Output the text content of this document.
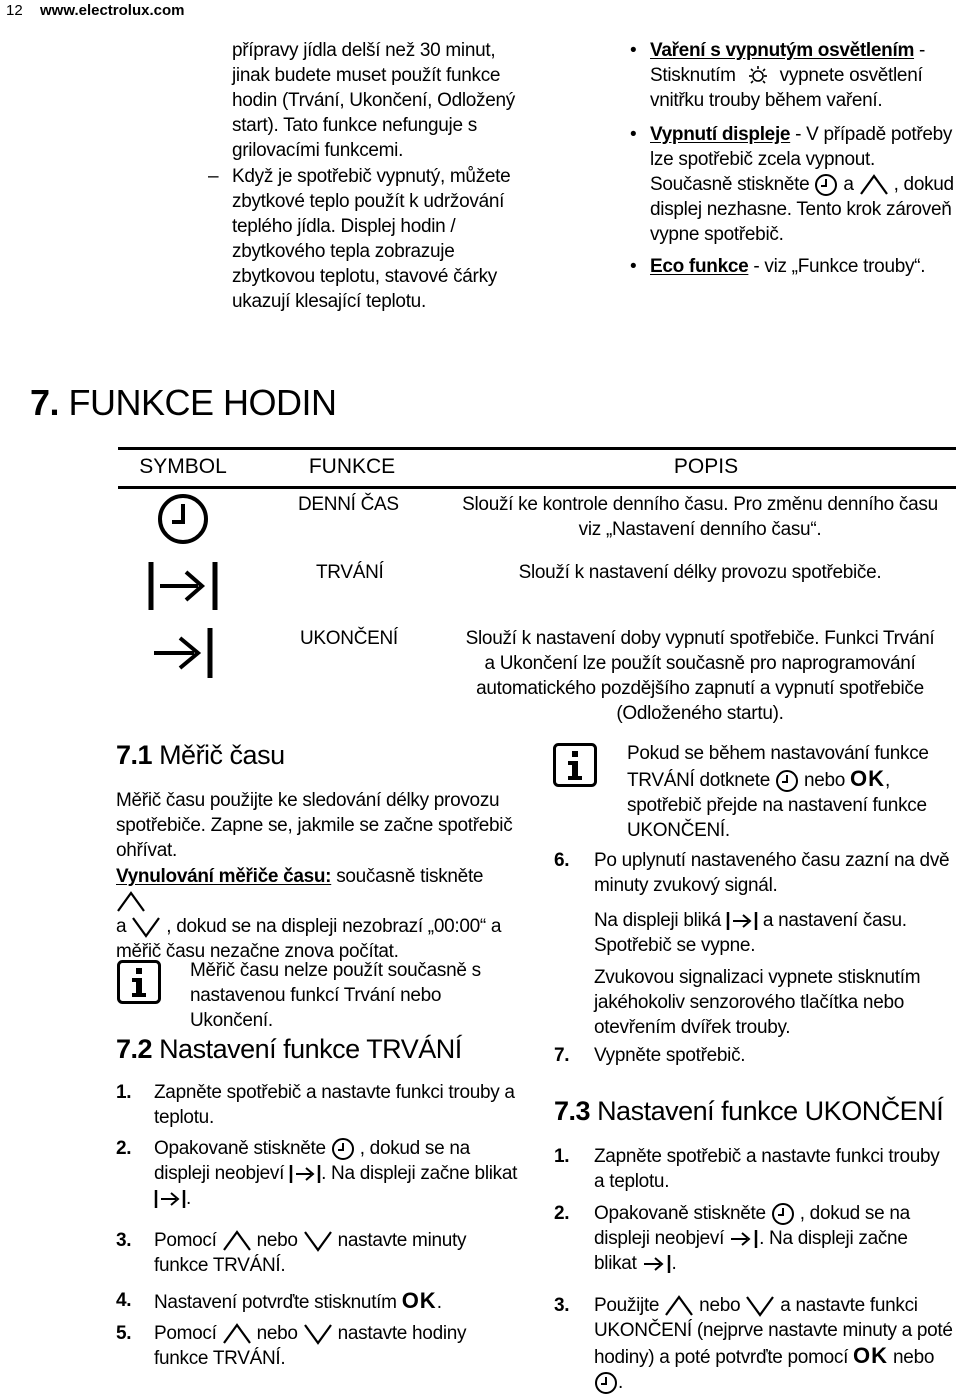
12 www.electrolux.com
přípravy jídla delší než 30 minut, jinak budete muset použít funkce hodin (Trvání, Ukončení, Odložený start). Tato funkce nefunguje s grilovacími funkcemi.
– Když je spotřebič vypnutý, můžete zbytkové teplo použít k udržování teplého jídla. Displej hodin / zbytkového tepla zobrazuje zbytkovou teplotu, stavové čárky ukazují klesající teplotu.
• Vaření s vypnutým osvětlením - Stisknutím vypnete osvětlení vnitřku trouby během vaření.
• Vypnutí displeje - V případě potřeby lze spotřebič zcela vypnout. Současně stiskněte a , dokud displej nezhasne. Tento krok zároveň vypne spotřebič.
• Eco funkce - viz „Funkce trouby“.
7. FUNKCE HODIN
SYMBOL	FUNKCE	POPIS
DENNÍ ČAS	Slouží ke kontrole denního času. Pro změnu denního času viz „Nastavení denního času“.
TRVÁNÍ	Slouží k nastavení délky provozu spotřebiče.
UKONČENÍ	Slouží k nastavení doby vypnutí spotřebiče. Funkci Trvání a Ukončení lze použít současně pro naprogramování automatického pozdějšího zapnutí a vypnutí spotřebiče (Odloženého startu).
7.1 Měřič času
Měřič času použijte ke sledování délky provozu spotřebiče. Zapne se, jakmile se začne spotřebič ohřívat.
Vynulování měřiče času: současně tiskněte
a , dokud se na displeji nezobrazí „00:00“ a měřič času nezačne znova počítat.
Měřič času nelze použít současně s nastavenou funkcí Trvání nebo Ukončení.
7.2 Nastavení funkce TRVÁNÍ
1.	Zapněte spotřebič a nastavte funkci trouby a teplotu.
2.	Opakovaně stiskněte , dokud se na displeji neobjeví . Na displeji začne blikat .
3.	Pomocí nebo nastavte minuty funkce TRVÁNÍ.
4.	Nastavení potvrďte stisknutím OK.
5.	Pomocí nebo nastavte hodiny funkce TRVÁNÍ.
Pokud se během nastavování funkce TRVÁNÍ dotknete nebo OK, spotřebič přejde na nastavení funkce UKONČENÍ.
6.	Po uplynutí nastaveného času zazní na dvě minuty zvukový signál.
Na displeji bliká a nastavení času. Spotřebič se vypne.
Zvukovou signalizaci vypnete stisknutím jakéhokoliv senzorového tlačítka nebo otevřením dvířek trouby.
7.	Vypněte spotřebič.
7.3 Nastavení funkce UKONČENÍ
1.	Zapněte spotřebič a nastavte funkci trouby a teplotu.
2.	Opakovaně stiskněte , dokud se na displeji neobjeví . Na displeji začne blikat .
3.	Použijte nebo a nastavte funkci UKONČENÍ (nejprve nastavte minuty a poté hodiny) a poté potvrďte pomocí OK nebo .
